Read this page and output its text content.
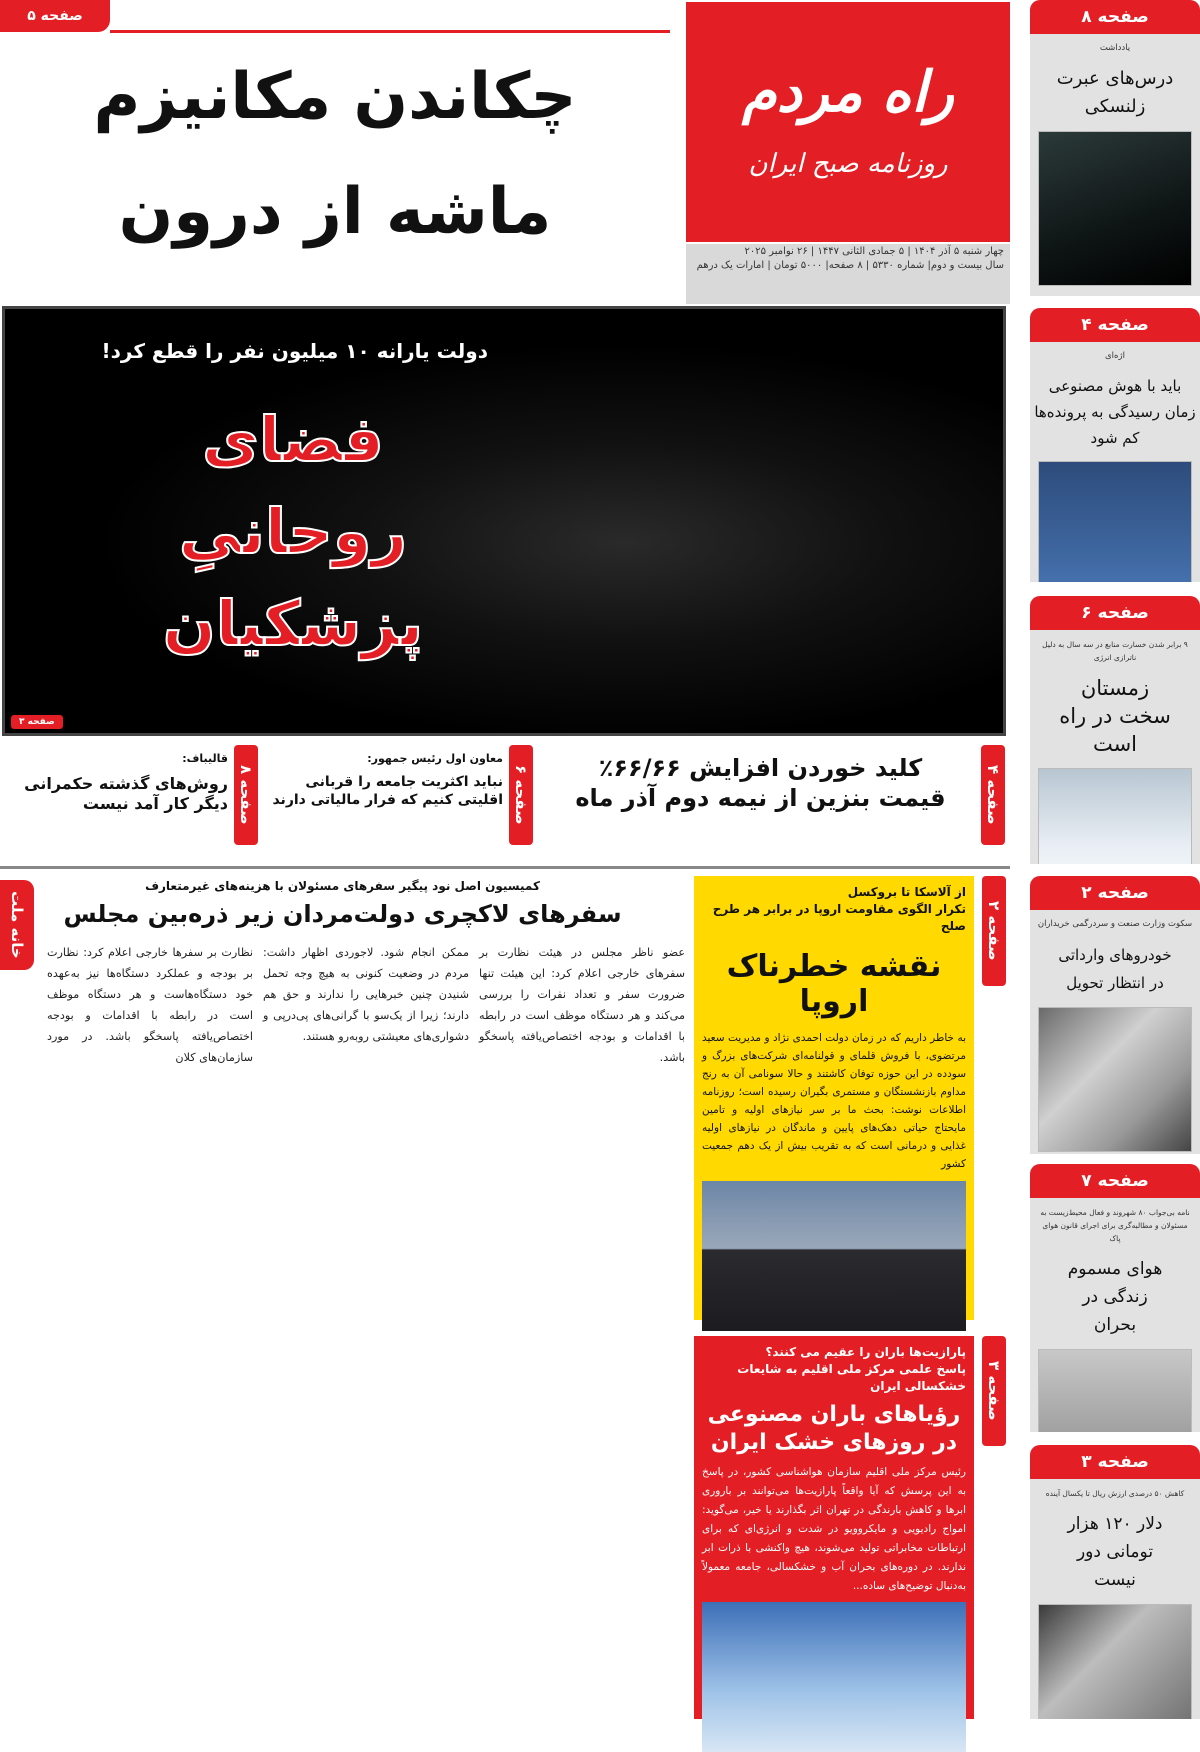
صفحه ۵
چکاندن مکانیزم
ماشه از درون
راه مردم
روزنامه صبح ایران
چهار شنبه ۵ آذر ۱۴۰۴ | ۵ جمادی الثانی ۱۴۴۷ | ۲۶ نوامبر ۲۰۲۵
سال بیست و دوم| شماره ۵۳۳۰ | ۸ صفحه| ۵۰۰۰ تومان | امارات یک درهم
دولت یارانه ۱۰ میلیون نفر را قطع کرد!
فضای روحانیِ پزشکیان
صفحه ۳
صفحه ۴
کلید خوردن افزایش ۶۶/۶۶٪
قیمت بنزین از نیمه دوم آذر ماه
صفحه ۶
معاون اول رئیس جمهور:
نباید اکثریت جامعه را قربانی
اقلیتی کنیم که فرار مالیاتی دارند
صفحه ۸
قالیباف:
روش‌های گذشته حکمرانی
دیگر کار آمد نیست
خانه ملت
کمیسیون اصل نود پیگیر سفرهای مسئولان با هزینه‌های غیرمتعارف
سفرهای لاکچری دولت‌مردان زیر ذره‌بین مجلس
عضو ناظر مجلس در هیئت نظارت بر سفرهای خارجی اعلام کرد: این هیئت تنها ضرورت سفر و تعداد نفرات را بررسی می‌کند و هر دستگاه موظف است در رابطه با اقدامات و بودجه اختصاص‌یافته پاسخگو باشد.
ممکن انجام شود. لاجوردی اظهار داشت: مردم در وضعیت کنونی به هیچ وجه تحمل شنیدن چنین خبرهایی را ندارند و حق هم دارند؛ زیرا از یک‌سو با گرانی‌های پی‌درپی و دشواری‌های معیشتی روبه‌رو هستند.
نظارت بر سفرها خارجی اعلام کرد: نظارت بر بودجه و عملکرد دستگاه‌ها نیز به‌عهده خود دستگاه‌هاست و هر دستگاه موظف است در رابطه با اقدامات و بودجه اختصاص‌یافته پاسخگو باشد. در مورد سازمان‌های کلان
صفحه ۲
از آلاسکا تا بروکسل
تکرار الگوی مقاومت اروپا در برابر هر طرح صلح
نقشه خطرناک اروپا
به خاطر داریم که در زمان دولت احمدی نژاد و مدیریت سعید مرتضوی، با فروش قلمای و قولنامه‌ای شرکت‌های بزرگ و سودده در این حوزه توفان کاشتند و حالا سونامی آن به رنج مداوم بازنشستگان و مستمری بگیران رسیده است؛ روزنامه اطلاعات نوشت: بحث ما بر سر نیازهای اولیه و تامین مایحتاج حیاتی دهک‌های پایین و ماندگان در نیازهای اولیه غذایی و درمانی است که به تقریب بیش از یک دهم جمعیت کشور
صفحه ۳
پارازیت‌ها باران را عقیم می کنند؟
پاسخ علمی مرکز ملی اقلیم به شایعات خشکسالی ایران
رؤیاهای باران مصنوعی در روزهای خشک ایران
رئیس مرکز ملی اقلیم سازمان هواشناسی کشور، در پاسخ به این پرسش که آیا واقعاً پارازیت‌ها می‌توانند بر باروری ابرها و کاهش بارندگی در تهران اثر بگذارند یا خیر، می‌گوید: امواج رادیویی و مایکروویو در شدت و انرژی‌ای که برای ارتباطات مخابراتی تولید می‌شوند، هیچ واکنشی با ذرات ابر ندارند. در دوره‌های بحران آب و خشکسالی، جامعه معمولاً به‌دنبال توضیح‌های ساده...
صفحه ۸
یادداشت
درس‌های عبرت زلنسکی
صفحه ۴
اژه‌ای
باید با هوش مصنوعی زمان رسیدگی به پرونده‌ها کم شود
صفحه ۶
۹ برابر شدن خسارت منابع در سه سال به دلیل ناترازی انرژی
زمستان سخت در راه است
صفحه ۲
سکوت وزارت صنعت و سردرگمی خریداران
خودروهای وارداتی در انتظار تحویل
صفحه ۷
نامه بی‌جواب ۸۰ شهروند و فعال محیط‌زیست به مسئولان و مطالبه‌گری برای اجرای قانون هوای پاک
هوای مسموم زندگی در بحران
صفحه ۳
کاهش ۵۰ درصدی ارزش ریال تا یکسال آینده
دلار ۱۲۰ هزار تومانی دور نیست
